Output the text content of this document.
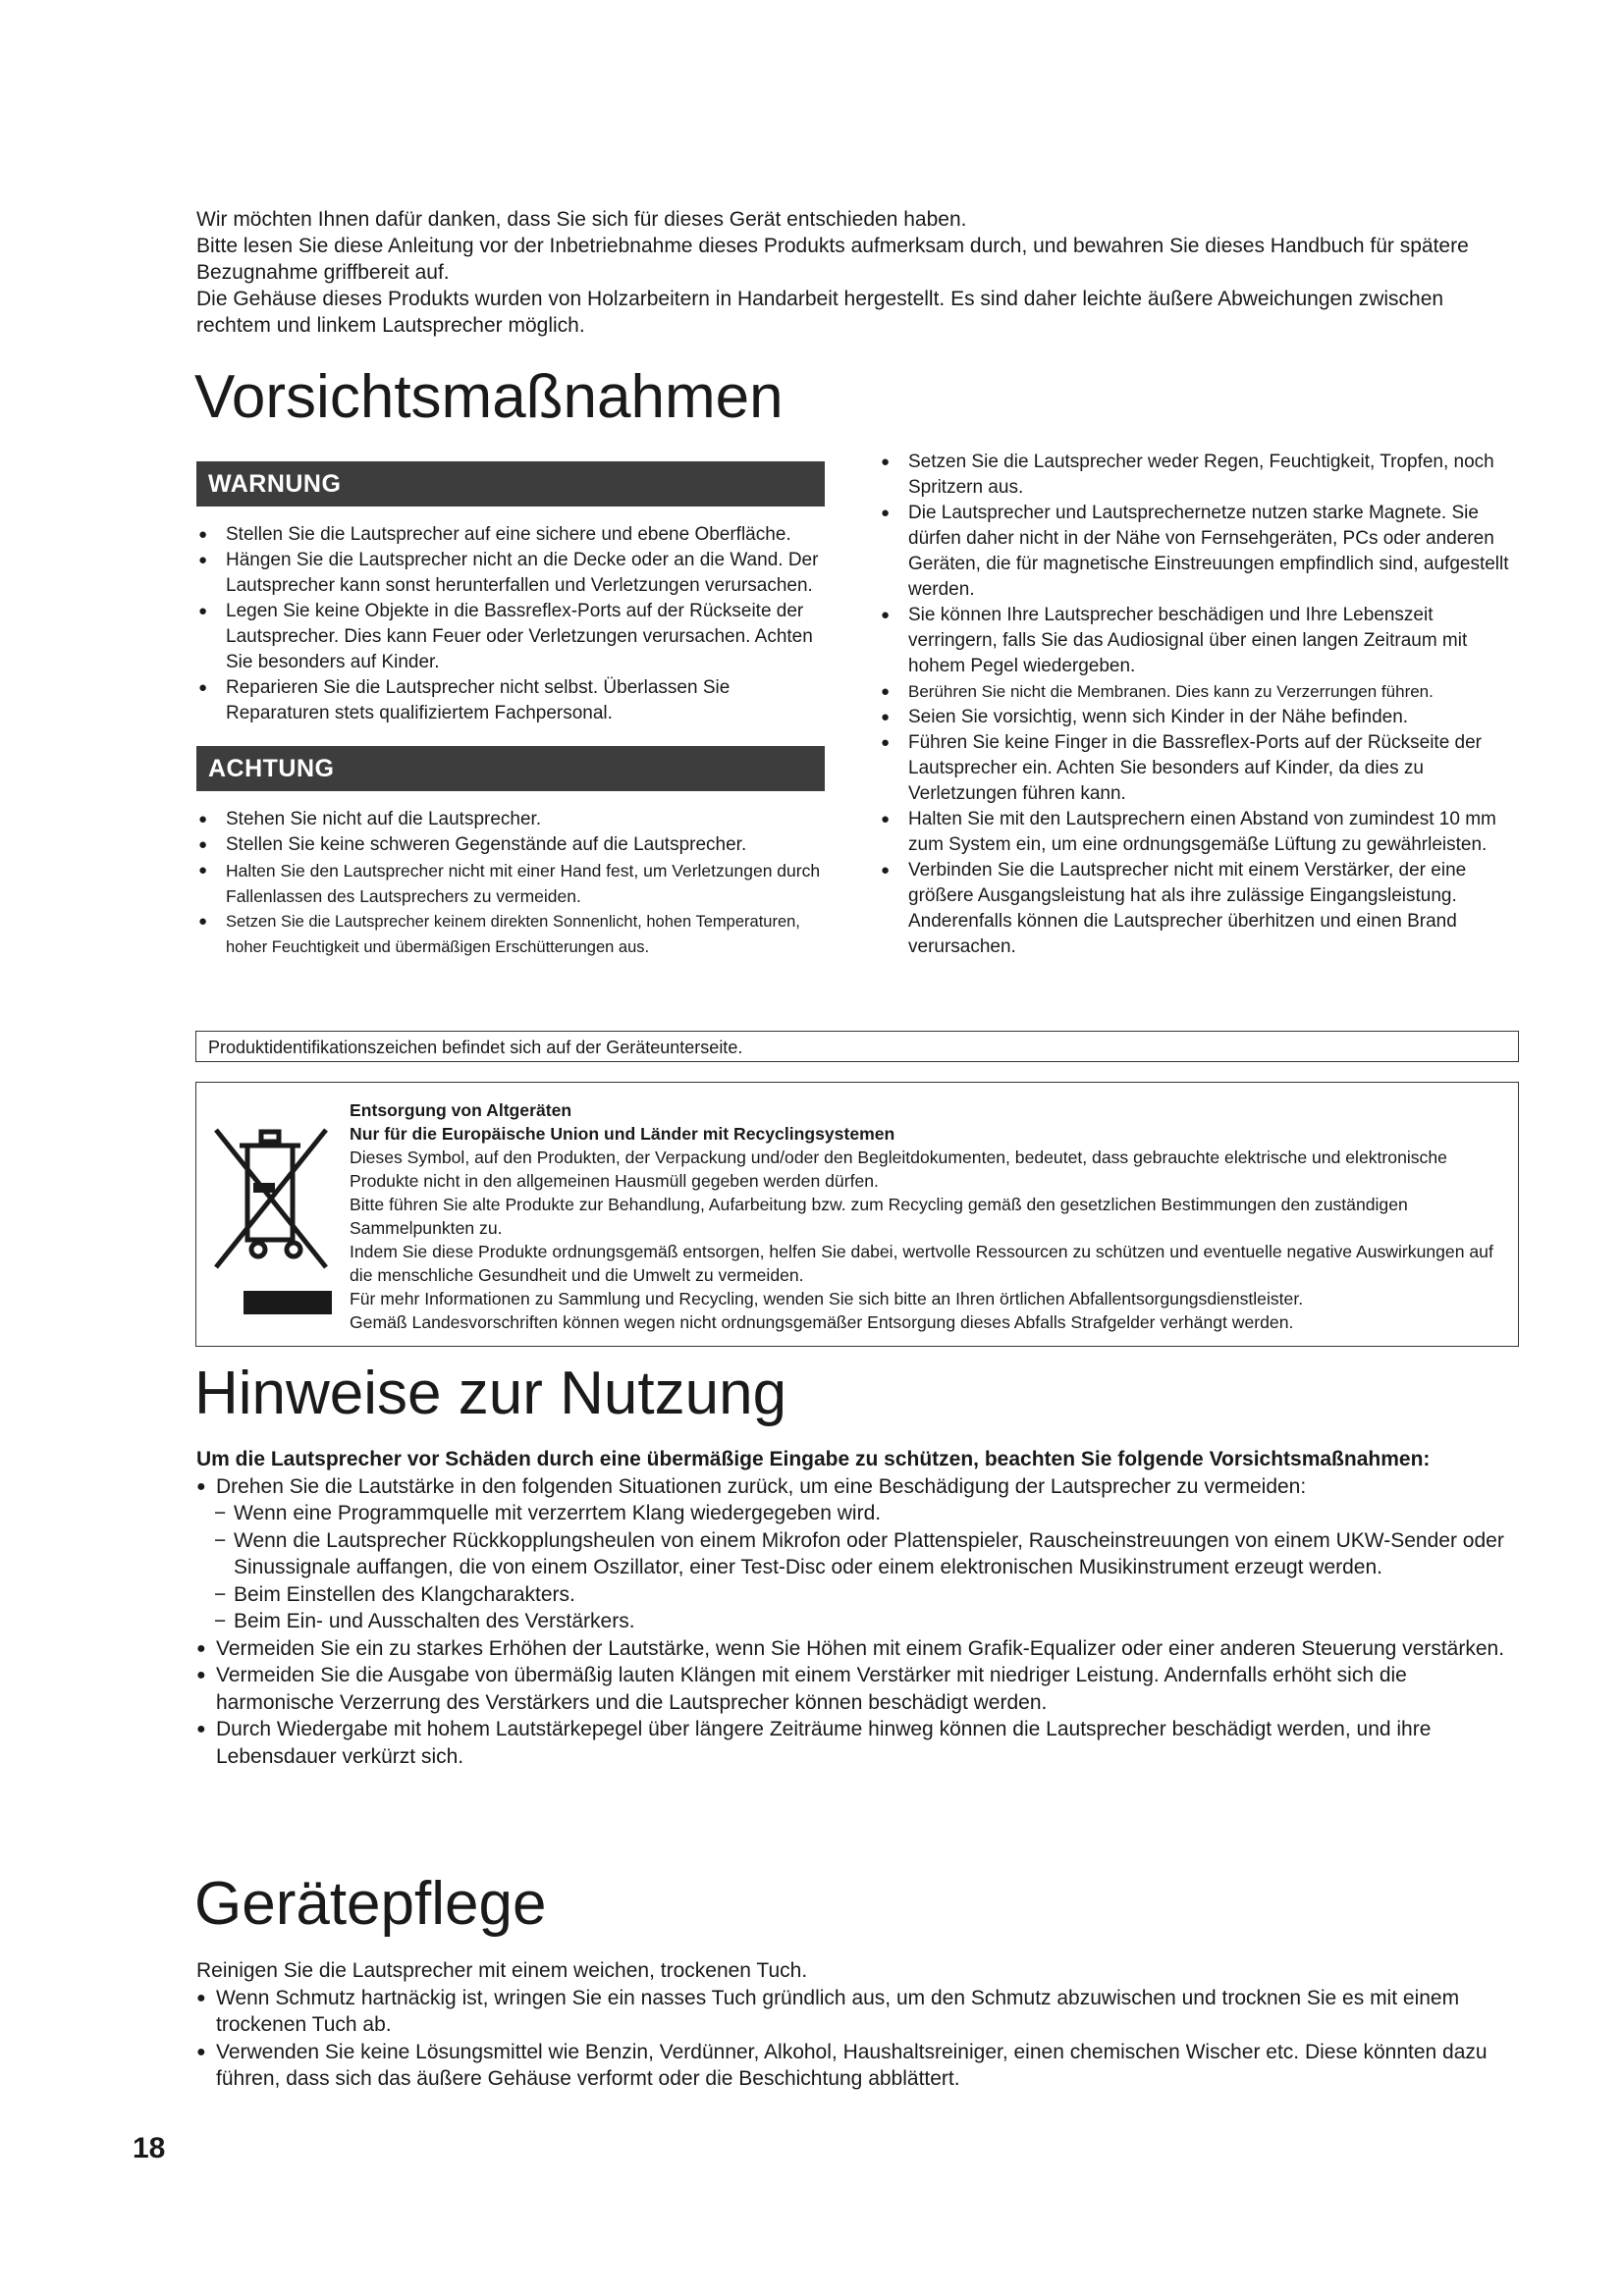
Wir möchten Ihnen dafür danken, dass Sie sich für dieses Gerät entschieden haben.

Bitte lesen Sie diese Anleitung vor der Inbetriebnahme dieses Produkts aufmerksam durch, und bewahren Sie dieses Handbuch für spätere Bezugnahme griffbereit auf.

Die Gehäuse dieses Produkts wurden von Holzarbeitern in Handarbeit hergestellt. Es sind daher leichte äußere Abweichungen zwischen rechtem und linkem Lautsprecher möglich.

Vorsichtsmaßnahmen
WARNUNG
● Stellen Sie die Lautsprecher auf eine sichere und ebene Oberfläche.
● Hängen Sie die Lautsprecher nicht an die Decke oder an die Wand. Der Lautsprecher kann sonst herunterfallen und Verletzungen verursachen.
● Legen Sie keine Objekte in die Bassreflex-Ports auf der Rückseite der Lautsprecher. Dies kann Feuer oder Verletzungen verursachen. Achten Sie besonders auf Kinder.
● Reparieren Sie die Lautsprecher nicht selbst. Überlassen Sie Reparaturen stets qualifiziertem Fachpersonal.
ACHTUNG
● Stehen Sie nicht auf die Lautsprecher.
● Stellen Sie keine schweren Gegenstände auf die Lautsprecher.
● Halten Sie den Lautsprecher nicht mit einer Hand fest, um Verletzungen durch Fallenlassen des Lautsprechers zu vermeiden.
● Setzen Sie die Lautsprecher keinem direkten Sonnenlicht, hohen Temperaturen, hoher Feuchtigkeit und übermäßigen Erschütterungen aus.
● Setzen Sie die Lautsprecher weder Regen, Feuchtigkeit, Tropfen, noch Spritzern aus.
● Die Lautsprecher und Lautsprechernetze nutzen starke Magnete. Sie dürfen daher nicht in der Nähe von Fernsehgeräten, PCs oder anderen Geräten, die für magnetische Einstreuungen empfindlich sind, aufgestellt werden.
● Sie können Ihre Lautsprecher beschädigen und Ihre Lebenszeit verringern, falls Sie das Audiosignal über einen langen Zeitraum mit hohem Pegel wiedergeben.
● Berühren Sie nicht die Membranen. Dies kann zu Verzerrungen führen.
● Seien Sie vorsichtig, wenn sich Kinder in der Nähe befinden.
● Führen Sie keine Finger in die Bassreflex-Ports auf der Rückseite der Lautsprecher ein. Achten Sie besonders auf Kinder, da dies zu Verletzungen führen kann.
● Halten Sie mit den Lautsprechern einen Abstand von zumindest 10 mm zum System ein, um eine ordnungsgemäße Lüftung zu gewährleisten.
● Verbinden Sie die Lautsprecher nicht mit einem Verstärker, der eine größere Ausgangsleistung hat als ihre zulässige Eingangsleistung. Anderenfalls können die Lautsprecher überhitzen und einen Brand verursachen.
Produktidentifikationszeichen befindet sich auf der Geräteunterseite.
Entsorgung von Altgeräten
Nur für die Europäische Union und Länder mit Recyclingsystemen
Dieses Symbol, auf den Produkten, der Verpackung und/oder den Begleitdokumenten, bedeutet, dass gebrauchte elektrische und elektronische Produkte nicht in den allgemeinen Hausmüll gegeben werden dürfen.
Bitte führen Sie alte Produkte zur Behandlung, Aufarbeitung bzw. zum Recycling gemäß den gesetzlichen Bestimmungen den zuständigen Sammelpunkten zu.
Indem Sie diese Produkte ordnungsgemäß entsorgen, helfen Sie dabei, wertvolle Ressourcen zu schützen und eventuelle negative Auswirkungen auf die menschliche Gesundheit und die Umwelt zu vermeiden.
Für mehr Informationen zu Sammlung und Recycling, wenden Sie sich bitte an Ihren örtlichen Abfallentsorgungsdienstleister.
Gemäß Landesvorschriften können wegen nicht ordnungsgemäßer Entsorgung dieses Abfalls Strafgelder verhängt werden.
Hinweise zur Nutzung
Um die Lautsprecher vor Schäden durch eine übermäßige Eingabe zu schützen, beachten Sie folgende Vorsichtsmaßnahmen:
● Drehen Sie die Lautstärke in den folgenden Situationen zurück, um eine Beschädigung der Lautsprecher zu vermeiden:
− Wenn eine Programmquelle mit verzerrtem Klang wiedergegeben wird.
− Wenn die Lautsprecher Rückkopplungsheulen von einem Mikrofon oder Plattenspieler, Rauscheinstreuungen von einem UKW-Sender oder Sinussignale auffangen, die von einem Oszillator, einer Test-Disc oder einem elektronischen Musikinstrument erzeugt werden.
− Beim Einstellen des Klangcharakters.
− Beim Ein- und Ausschalten des Verstärkers.
● Vermeiden Sie ein zu starkes Erhöhen der Lautstärke, wenn Sie Höhen mit einem Grafik-Equalizer oder einer anderen Steuerung verstärken.
● Vermeiden Sie die Ausgabe von übermäßig lauten Klängen mit einem Verstärker mit niedriger Leistung. Andernfalls erhöht sich die harmonische Verzerrung des Verstärkers und die Lautsprecher können beschädigt werden.
● Durch Wiedergabe mit hohem Lautstärkepegel über längere Zeiträume hinweg können die Lautsprecher beschädigt werden, und ihre Lebensdauer verkürzt sich.
Gerätepflege
Reinigen Sie die Lautsprecher mit einem weichen, trockenen Tuch.
● Wenn Schmutz hartnäckig ist, wringen Sie ein nasses Tuch gründlich aus, um den Schmutz abzuwischen und trocknen Sie es mit einem trockenen Tuch ab.
● Verwenden Sie keine Lösungsmittel wie Benzin, Verdünner, Alkohol, Haushaltsreiniger, einen chemischen Wischer etc. Diese könnten dazu führen, dass sich das äußere Gehäuse verformt oder die Beschichtung abblättert.
18
